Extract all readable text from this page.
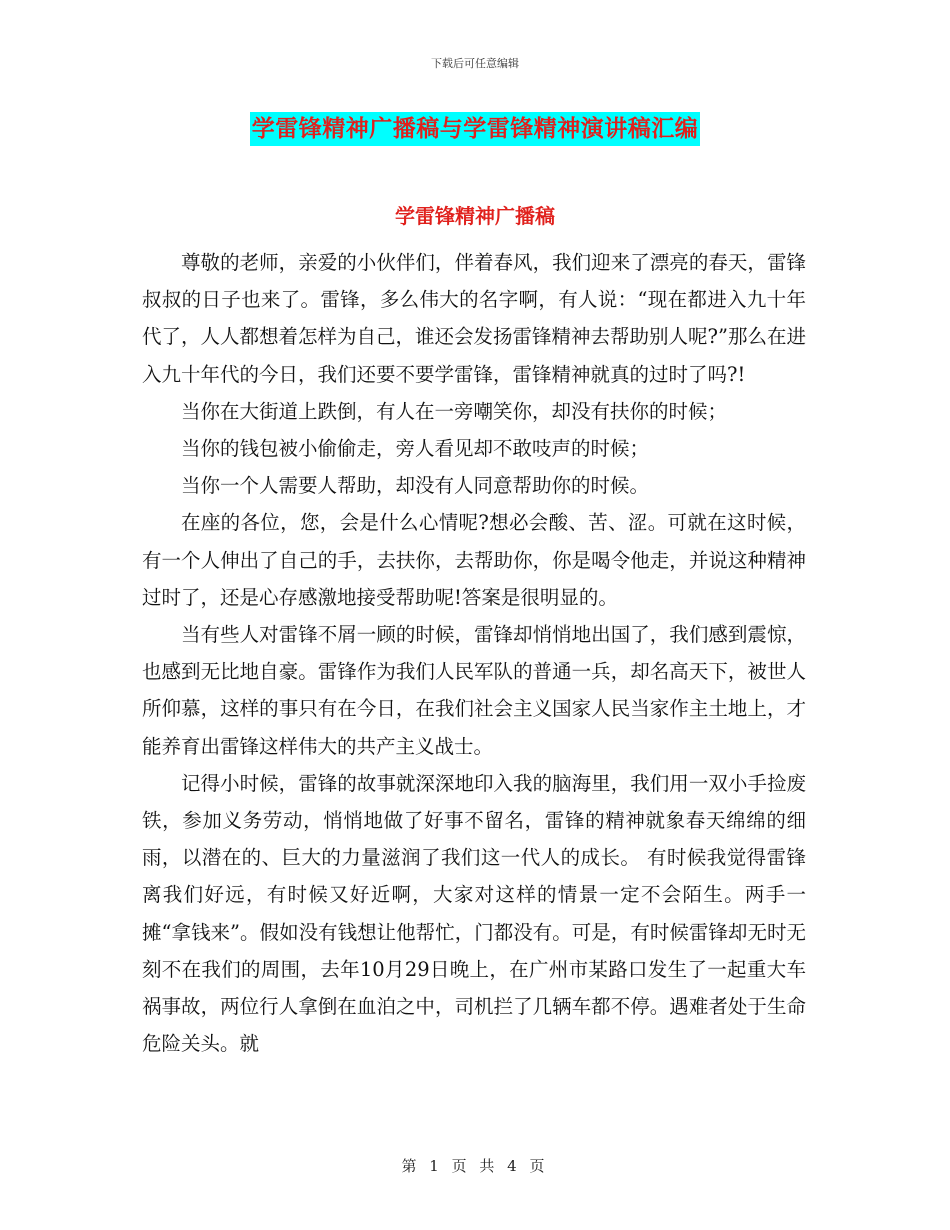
下载后可任意编辑
学雷锋精神广播稿与学雷锋精神演讲稿汇编
学雷锋精神广播稿

尊敬的老师，亲爱的小伙伴们，伴着春风，我们迎来了漂亮的春天，雷锋叔叔的日子也来了。雷锋，多么伟大的名字啊，有人说：“现在都进入九十年代了，人人都想着怎样为自己，谁还会发扬雷锋精神去帮助别人呢?”那么在进入九十年代的今日，我们还要不要学雷锋，雷锋精神就真的过时了吗?!

当你在大街道上跌倒，有人在一旁嘲笑你，却没有扶你的时候；

当你的钱包被小偷偷走，旁人看见却不敢吱声的时候；

当你一个人需要人帮助，却没有人同意帮助你的时候。

在座的各位，您，会是什么心情呢?想必会酸、苦、涩。可就在这时候，有一个人伸出了自己的手，去扶你，去帮助你，你是喝令他走，并说这种精神过时了，还是心存感激地接受帮助呢!答案是很明显的。

当有些人对雷锋不屑一顾的时候，雷锋却悄悄地出国了，我们感到震惊，也感到无比地自豪。雷锋作为我们人民军队的普通一兵，却名高天下，被世人所仰慕，这样的事只有在今日，在我们社会主义国家人民当家作主土地上，才能养育出雷锋这样伟大的共产主义战士。

记得小时候，雷锋的故事就深深地印入我的脑海里，我们用一双小手捡废铁，参加义务劳动，悄悄地做了好事不留名，雷锋的精神就象春天绵绵的细雨，以潜在的、巨大的力量滋润了我们这一代人的成长。 有时候我觉得雷锋离我们好远，有时候又好近啊，大家对这样的情景一定不会陌生。两手一摊“拿钱来”。假如没有钱想让他帮忙，门都没有。可是，有时候雷锋却无时无刻不在我们的周围，去年10月29日晚上，在广州市某路口发生了一起重大车祸事故，两位行人拿倒在血泊之中，司机拦了几辆车都不停。遇难者处于生命危险关头。就

第 1 页 共 4 页
